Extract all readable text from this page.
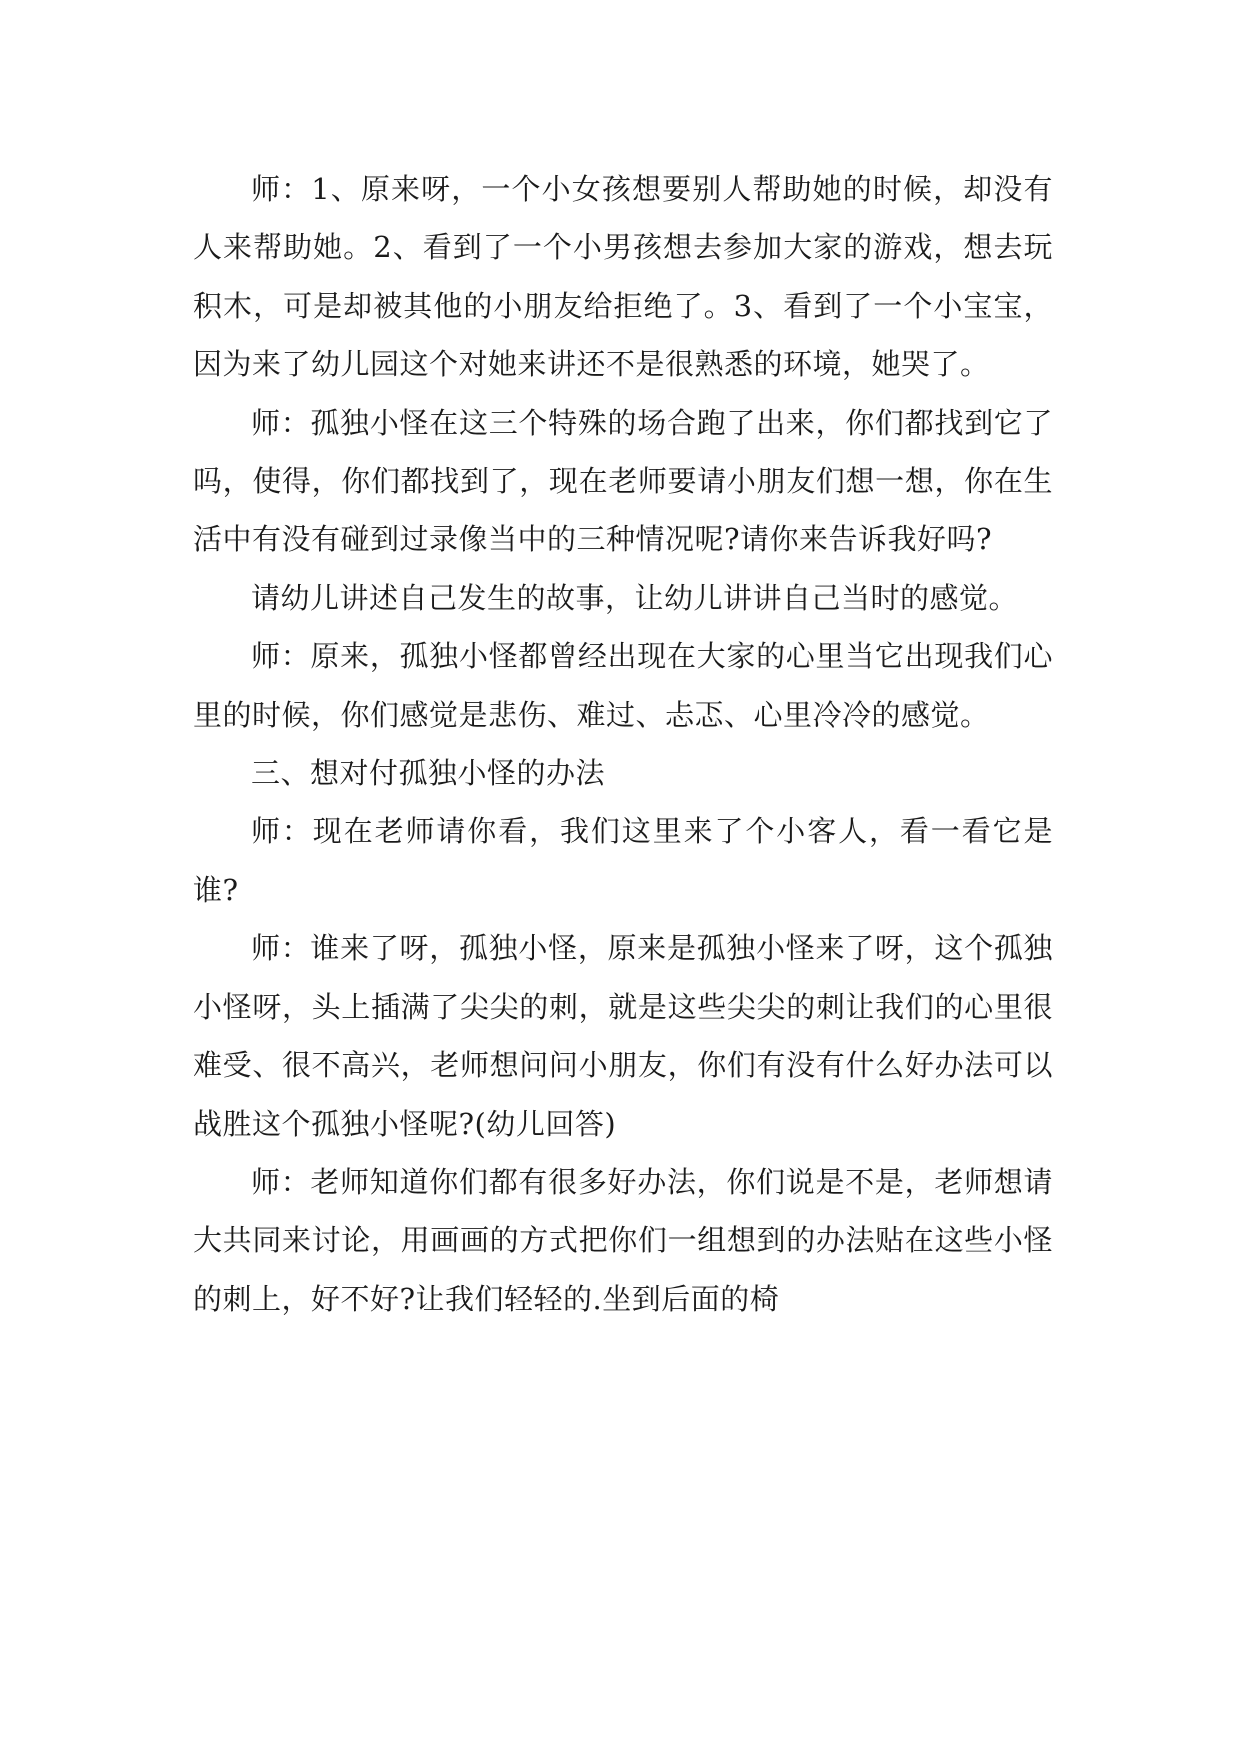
师：1、原来呀，一个小女孩想要别人帮助她的时候，却没有人来帮助她。2、看到了一个小男孩想去参加大家的游戏，想去玩积木，可是却被其他的小朋友给拒绝了。3、看到了一个小宝宝，因为来了幼儿园这个对她来讲还不是很熟悉的环境，她哭了。

师：孤独小怪在这三个特殊的场合跑了出来，你们都找到它了吗，使得，你们都找到了，现在老师要请小朋友们想一想，你在生活中有没有碰到过录像当中的三种情况呢?请你来告诉我好吗?

请幼儿讲述自己发生的故事，让幼儿讲讲自己当时的感觉。

师：原来，孤独小怪都曾经出现在大家的心里当它出现我们心里的时候，你们感觉是悲伤、难过、忐忑、心里冷冷的感觉。

三、想对付孤独小怪的办法

师：现在老师请你看，我们这里来了个小客人，看一看它是谁?

师：谁来了呀，孤独小怪，原来是孤独小怪来了呀，这个孤独小怪呀，头上插满了尖尖的刺，就是这些尖尖的刺让我们的心里很难受、很不高兴，老师想问问小朋友，你们有没有什么好办法可以战胜这个孤独小怪呢?(幼儿回答)

师：老师知道你们都有很多好办法，你们说是不是，老师想请大共同来讨论，用画画的方式把你们一组想到的办法贴在这些小怪的刺上，好不好?让我们轻轻的.坐到后面的椅
